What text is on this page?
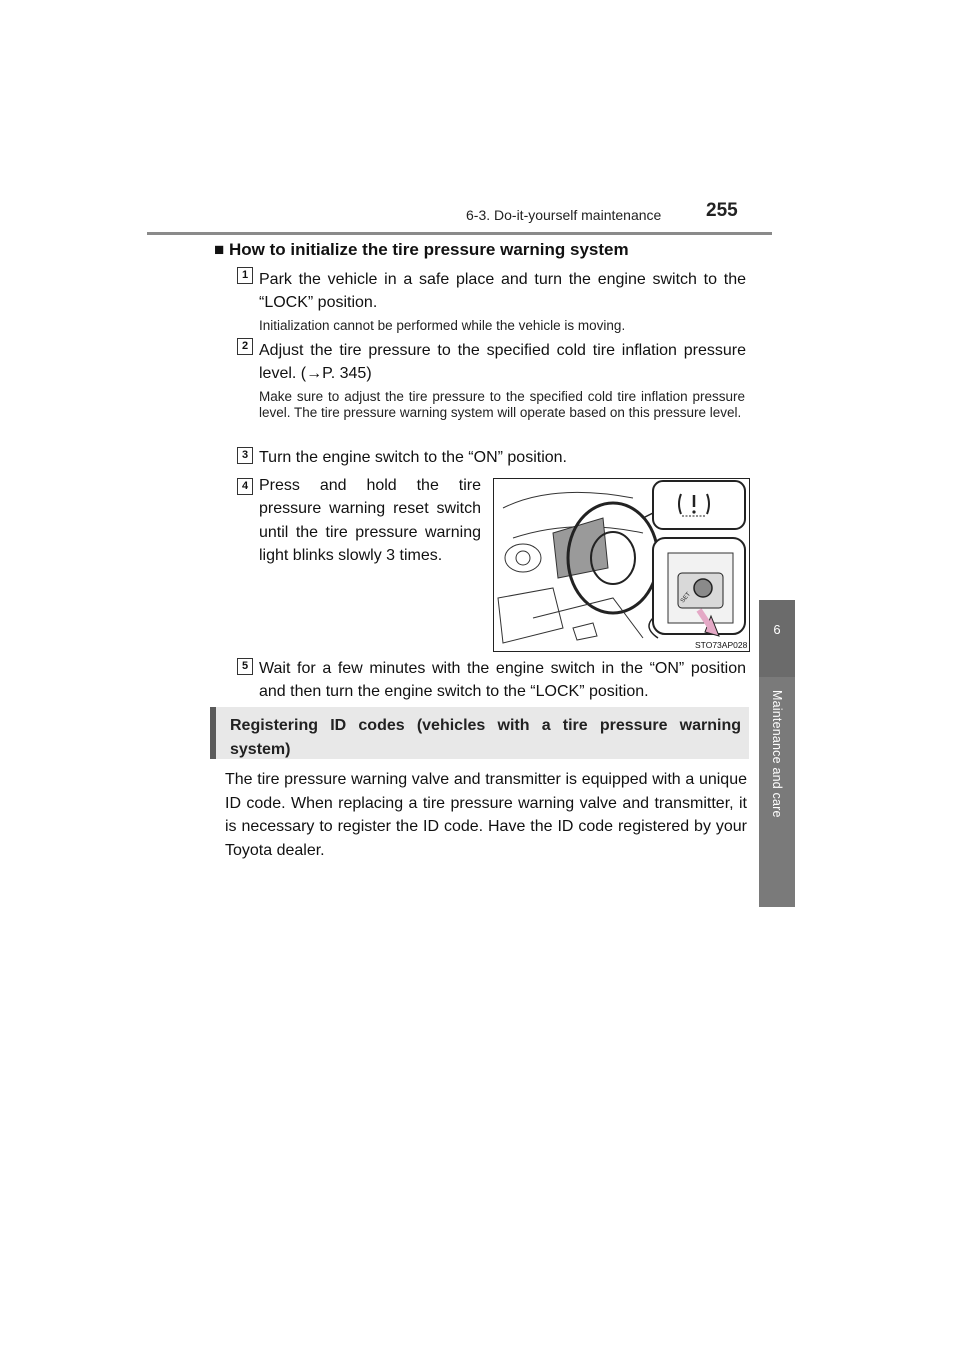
6-3. Do-it-yourself maintenance 255
6
Maintenance and care
■ How to initialize the tire pressure warning system
1 Park the vehicle in a safe place and turn the engine switch to the “LOCK” position.
Initialization cannot be performed while the vehicle is moving.
2 Adjust the tire pressure to the specified cold tire inflation pressure level. (→P. 345)
Make sure to adjust the tire pressure to the specified cold tire inflation pressure level. The tire pressure warning system will operate based on this pressure level.
3 Turn the engine switch to the “ON” position.
4 Press and hold the tire pressure warning reset switch until the tire pressure warning light blinks slowly 3 times.
SET
STO73AP028
5 Wait for a few minutes with the engine switch in the “ON” position and then turn the engine switch to the “LOCK” position.
Registering ID codes (vehicles with a tire pressure warning system)
The tire pressure warning valve and transmitter is equipped with a unique ID code. When replacing a tire pressure warning valve and transmitter, it is necessary to register the ID code. Have the ID code registered by your Toyota dealer.
